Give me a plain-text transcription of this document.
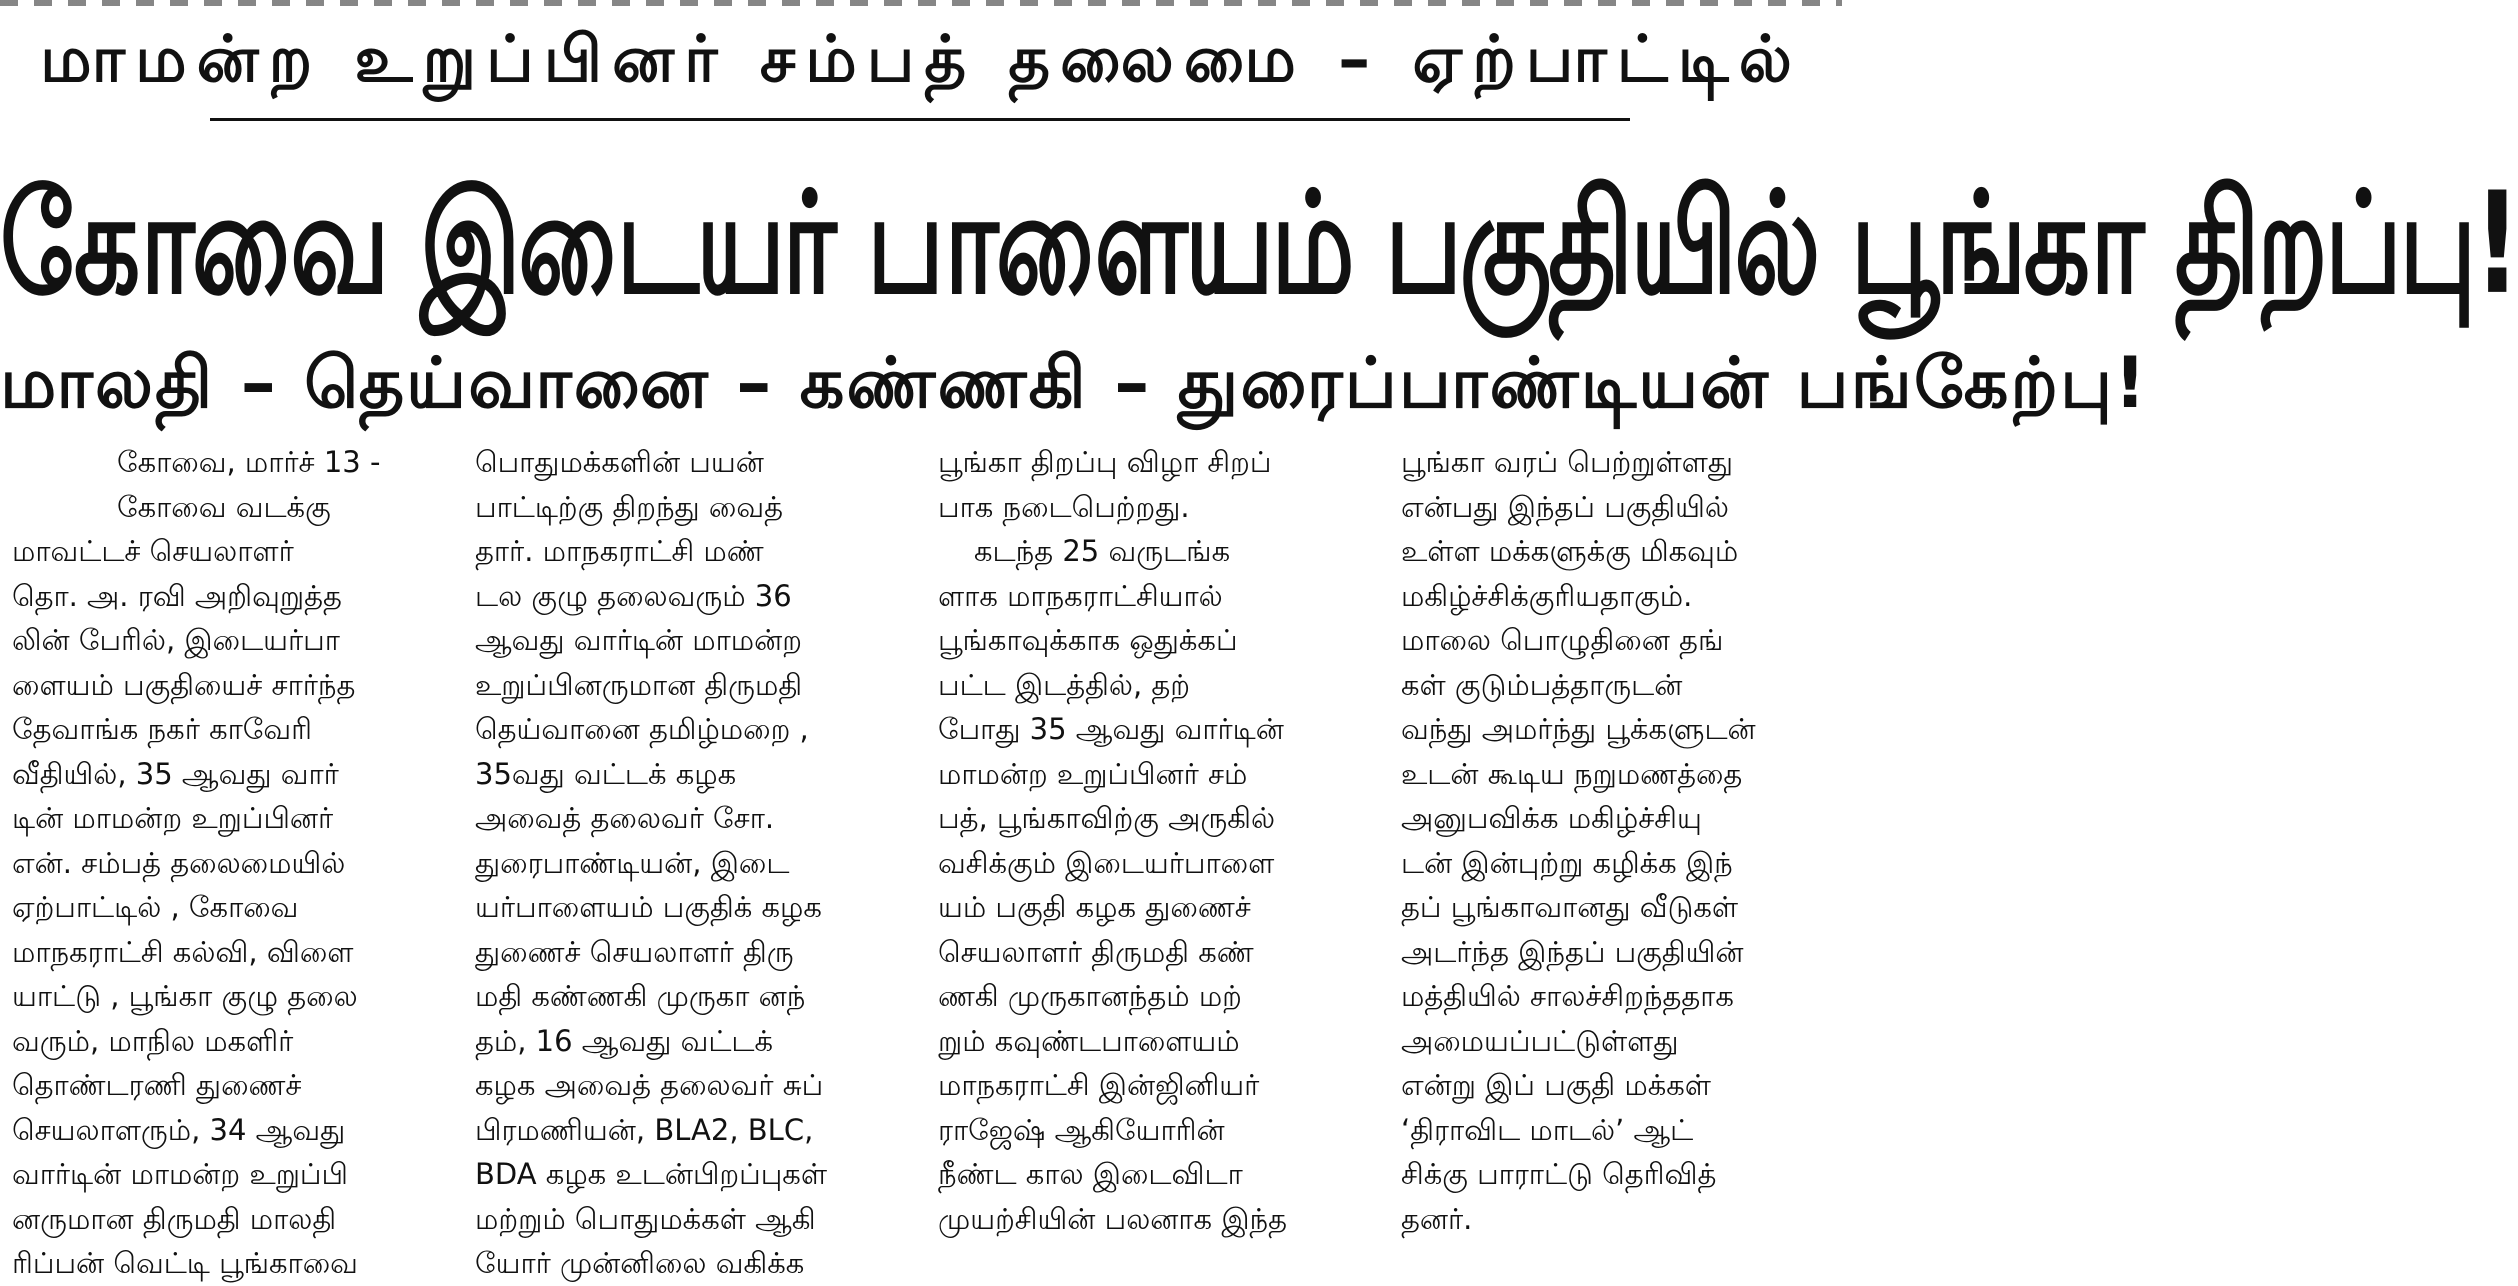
மாமன்ற உறுப்பினர் சம்பத் தலைமை – ஏற்பாட்டில்
கோவை இடையர் பாளையம் பகுதியில் பூங்கா திறப்பு!
மாலதி – தெய்வானை – கண்ணகி – துரைப்பாண்டியன் பங்கேற்பு!
கோவை, மார்ச் 13 -
கோவை வடக்கு
மாவட்டச் செயலாளர்
தொ. அ. ரவி அறிவுறுத்த
லின் பேரில், இடையர்பா
ளையம் பகுதியைச் சார்ந்த
தேவாங்க நகர் காவேரி
வீதியில், 35 ஆவது வார்
டின் மாமன்ற உறுப்பினர்
என். சம்பத் தலைமையில்
ஏற்பாட்டில் , கோவை
மாநகராட்சி கல்வி, விளை
யாட்டு , பூங்கா குழு தலை
வரும், மாநில மகளிர்
தொண்டரணி துணைச்
செயலாளரும், 34 ஆவது
வார்டின் மாமன்ற உறுப்பி
னருமான திருமதி மாலதி
ரிப்பன் வெட்டி பூங்காவை
பொதுமக்களின் பயன்
பாட்டிற்கு திறந்து வைத்
தார். மாநகராட்சி மண்
டல குழு தலைவரும் 36
ஆவது வார்டின் மாமன்ற
உறுப்பினருமான திருமதி
தெய்வானை தமிழ்மறை ,
35வது வட்டக் கழக
அவைத் தலைவர் சோ.
துரைபாண்டியன், இடை
யர்பாளையம் பகுதிக் கழக
துணைச் செயலாளர் திரு
மதி கண்ணகி முருகா னந்
தம், 16 ஆவது வட்டக்
கழக அவைத் தலைவர் சுப்
பிரமணியன், BLA2, BLC,
BDA கழக உடன்பிறப்புகள்
மற்றும் பொதுமக்கள் ஆகி
யோர் முன்னிலை வகிக்க
பூங்கா திறப்பு விழா சிறப்
பாக நடைபெற்றது.
கடந்த 25 வருடங்க
ளாக மாநகராட்சியால்
பூங்காவுக்காக ஒதுக்கப்
பட்ட இடத்தில், தற்
போது 35 ஆவது வார்டின்
மாமன்ற உறுப்பினர் சம்
பத், பூங்காவிற்கு அருகில்
வசிக்கும் இடையர்பாளை
யம் பகுதி கழக துணைச்
செயலாளர் திருமதி கண்
ணகி முருகானந்தம் மற்
றும் கவுண்டபாளையம்
மாநகராட்சி இன்ஜினியர்
ராஜேஷ் ஆகியோரின்
நீண்ட கால இடைவிடா
முயற்சியின் பலனாக இந்த
பூங்கா வரப் பெற்றுள்ளது
என்பது இந்தப் பகுதியில்
உள்ள மக்களுக்கு மிகவும்
மகிழ்ச்சிக்குரியதாகும்.
மாலை பொழுதினை தங்
கள் குடும்பத்தாருடன்
வந்து அமர்ந்து பூக்களுடன்
உடன் கூடிய நறுமணத்தை
அனுபவிக்க மகிழ்ச்சியு
டன் இன்புற்று கழிக்க இந்
தப் பூங்காவானது வீடுகள்
அடர்ந்த இந்தப் பகுதியின்
மத்தியில் சாலச்சிறந்ததாக
அமையப்பட்டுள்ளது
என்று இப் பகுதி மக்கள்
‘திராவிட மாடல்’ ஆட்
சிக்கு பாராட்டு தெரிவித்
தனர்.
